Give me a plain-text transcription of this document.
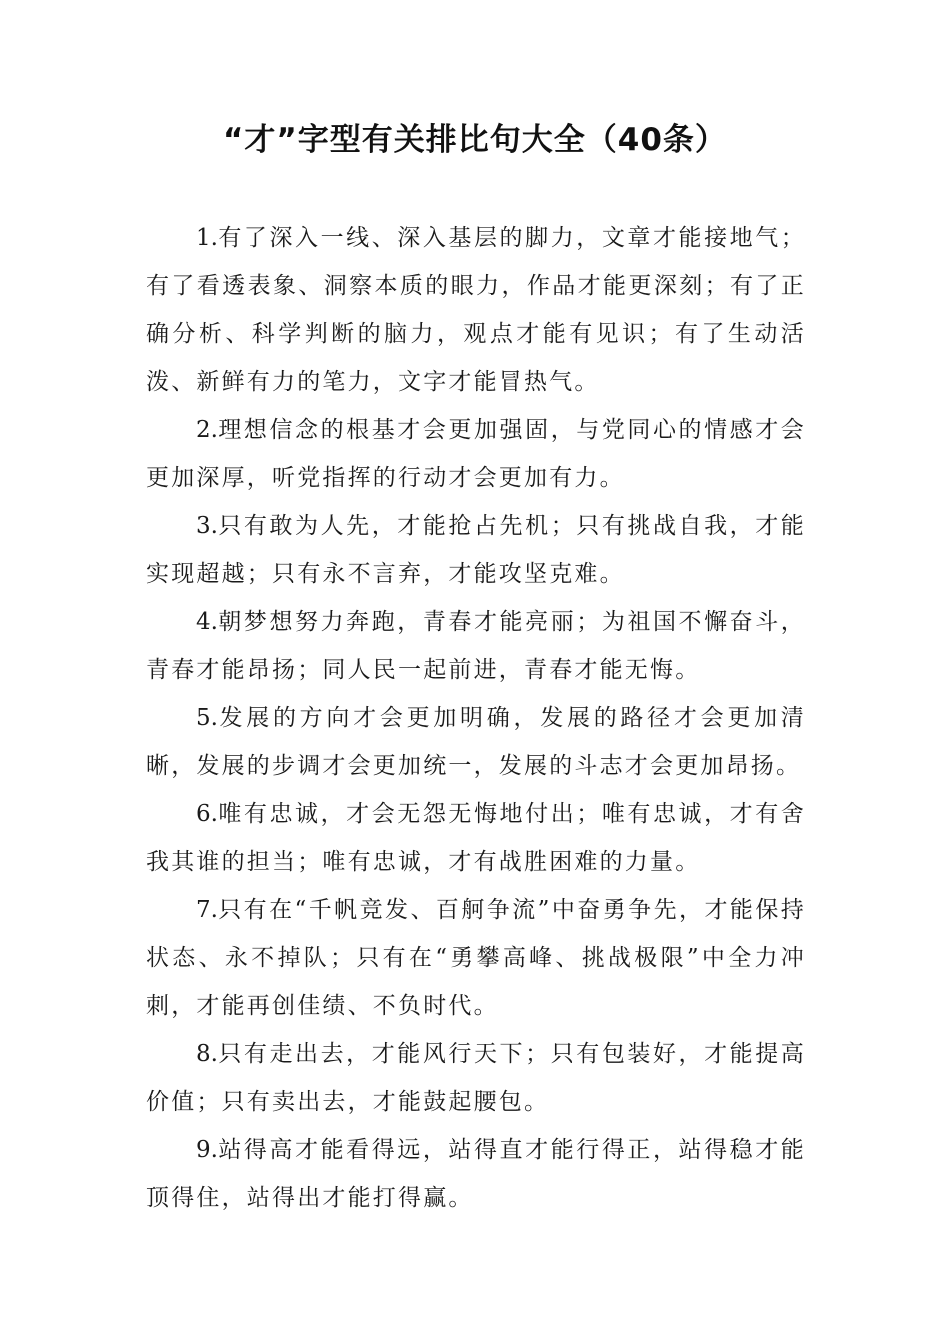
“才”字型有关排比句大全（40条）

1.有了深入一线、深入基层的脚力，文章才能接地气；有了看透表象、洞察本质的眼力，作品才能更深刻；有了正确分析、科学判断的脑力，观点才能有见识；有了生动活泼、新鲜有力的笔力，文字才能冒热气。

2.理想信念的根基才会更加强固，与党同心的情感才会更加深厚，听党指挥的行动才会更加有力。

3.只有敢为人先，才能抢占先机；只有挑战自我，才能实现超越；只有永不言弃，才能攻坚克难。

4.朝梦想努力奔跑，青春才能亮丽；为祖国不懈奋斗，青春才能昂扬；同人民一起前进，青春才能无悔。

5.发展的方向才会更加明确，发展的路径才会更加清晰，发展的步调才会更加统一，发展的斗志才会更加昂扬。

6.唯有忠诚，才会无怨无悔地付出；唯有忠诚，才有舍我其谁的担当；唯有忠诚，才有战胜困难的力量。

7.只有在“千帆竞发、百舸争流”中奋勇争先，才能保持状态、永不掉队；只有在“勇攀高峰、挑战极限”中全力冲刺，才能再创佳绩、不负时代。

8.只有走出去，才能风行天下；只有包装好，才能提高价值；只有卖出去，才能鼓起腰包。

9.站得高才能看得远，站得直才能行得正，站得稳才能顶得住，站得出才能打得赢。
